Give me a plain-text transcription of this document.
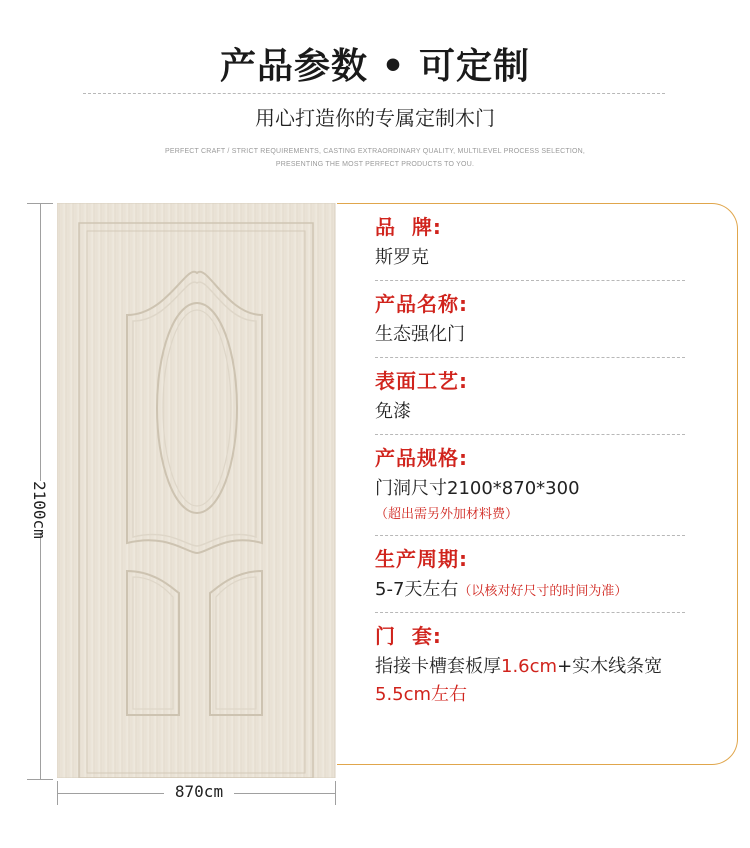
产品参数 • 可定制
用心打造你的专属定制木门
PERFECT CRAFT / STRICT REQUIREMENTS, CASTING EXTRAORDINARY QUALITY, MULTILEVEL PROCESS SELECTION,
PRESENTING THE MOST PERFECT PRODUCTS TO YOU.
2100cm
870cm
品  牌:
斯罗克
产品名称:
生态强化门
表面工艺:
免漆
产品规格:
门洞尺寸2100*870*300
（超出需另外加材料费）
生产周期:
5-7天左右（以核对好尺寸的时间为准）
门  套:
指接卡槽套板厚1.6cm+实木线条宽
5.5cm左右
